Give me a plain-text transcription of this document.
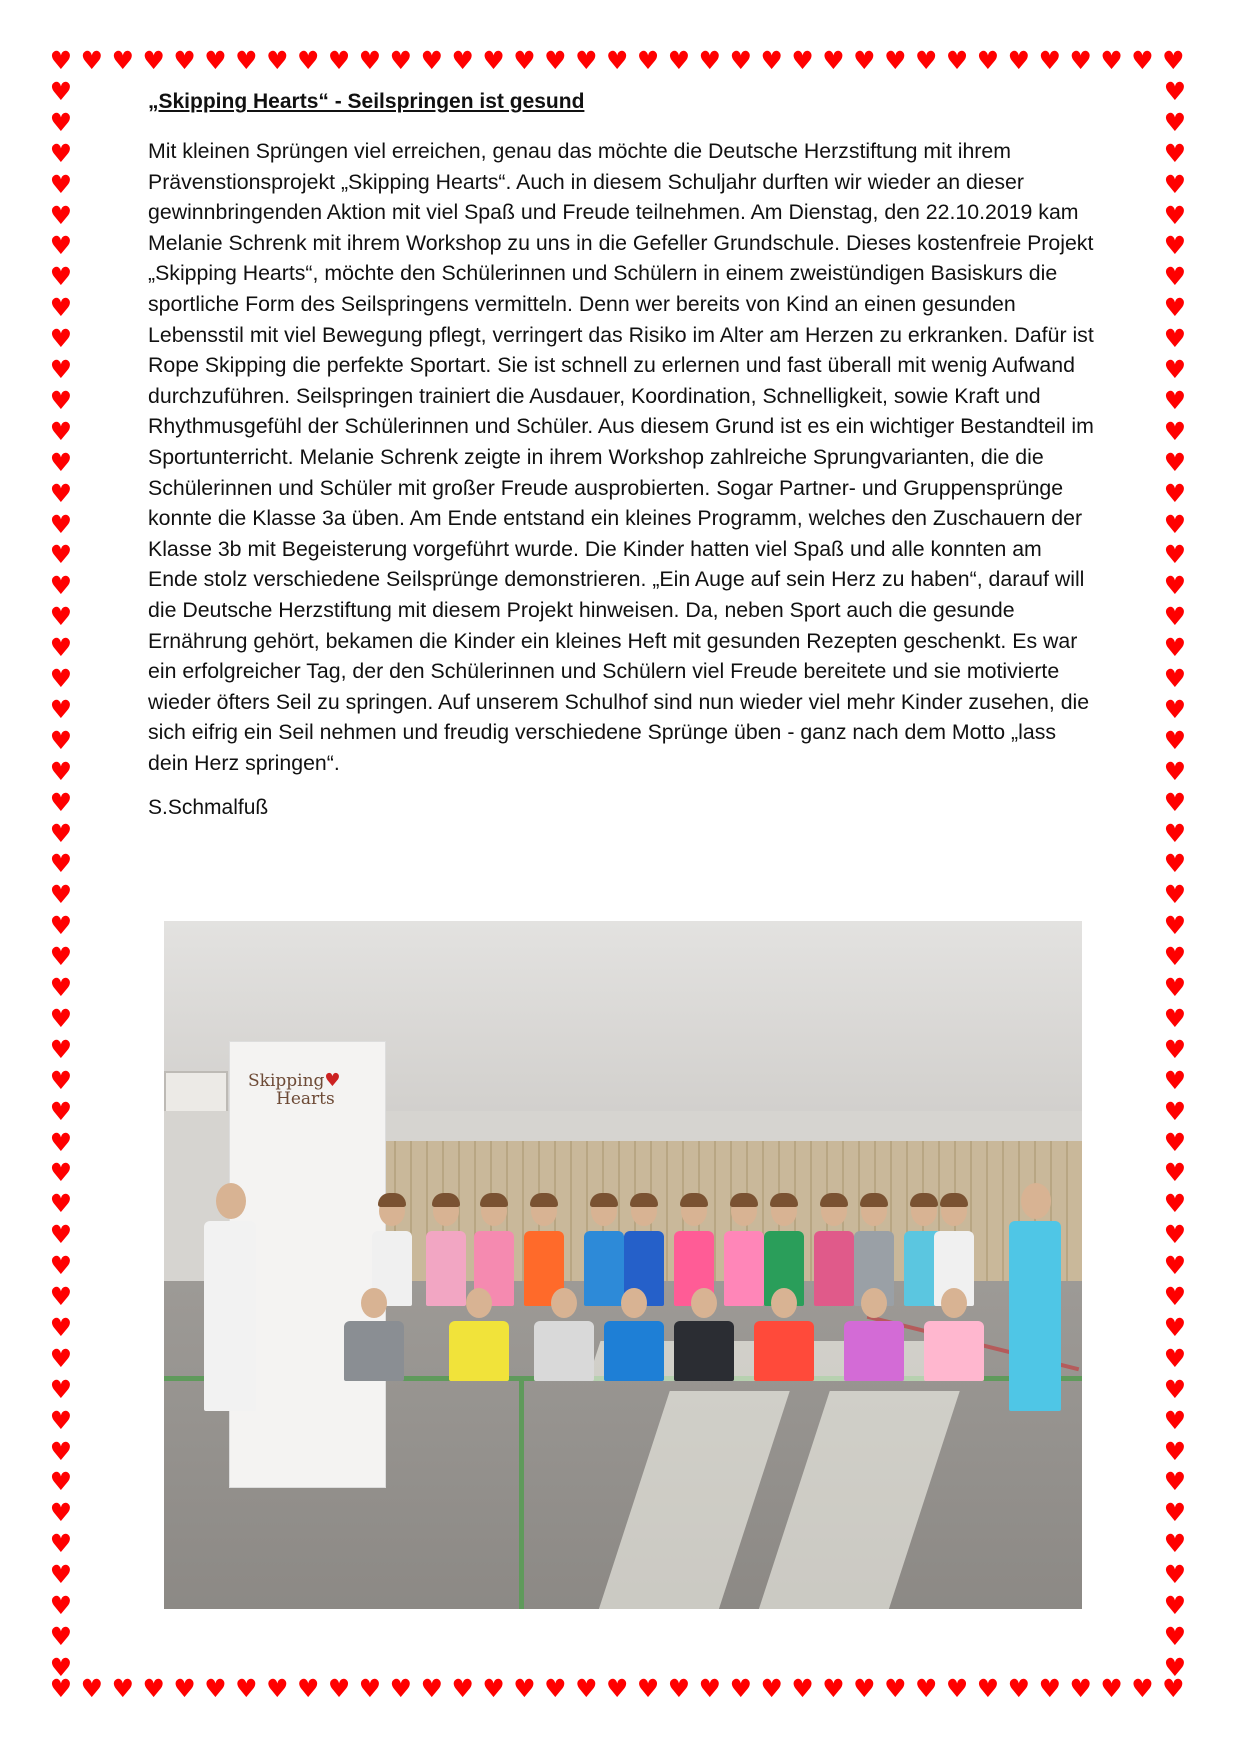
♥
♥
♥
♥
♥
♥
♥
♥
♥
♥
♥
♥
♥
♥
♥
♥
♥
♥
♥
♥
♥
♥
♥
♥
♥
♥
♥
♥
♥
♥
♥
♥
♥
♥
♥
♥
♥
♥
♥
♥
♥
♥
♥
♥
♥
♥
♥
♥
♥
♥
♥
♥
♥
♥
♥
♥
♥
♥
♥
♥
♥
♥
♥
♥
♥
♥
♥
♥
♥
♥
♥
♥
♥
♥
♥	♥
♥	♥
♥	♥
♥	♥
♥	♥
♥	♥
♥	♥
♥	♥
♥	♥
♥	♥
♥	♥
♥	♥
♥	♥
♥	♥
♥	♥
♥	♥
♥	♥
♥	♥
♥	♥
♥	♥
♥	♥
♥	♥
♥	♥
♥	♥
♥	♥
♥	♥
♥	♥
♥	♥
♥	♥
♥	♥
♥	♥
♥	♥
♥	♥
♥	♥
♥	♥
♥	♥
♥	♥
♥	♥
♥	♥
♥	♥
♥	♥
♥	♥
♥	♥
♥	♥
♥	♥
♥	♥
♥	♥
♥	♥
♥	♥
♥	♥
♥	♥
♥	♥

„Skipping Hearts“ - Seilspringen ist gesund

Mit kleinen Sprüngen viel erreichen, genau das möchte die Deutsche Herzstiftung mit ihrem Prävenstionsprojekt „Skipping Hearts“. Auch in diesem Schuljahr durften wir wieder an dieser gewinnbringenden Aktion mit viel Spaß und Freude teilnehmen. Am Dienstag, den 22.10.2019 kam Melanie Schrenk mit ihrem Workshop zu uns in die Gefeller Grundschule. Dieses kostenfreie Projekt „Skipping Hearts“, möchte den Schülerinnen und Schülern in einem zweistündigen Basiskurs die sportliche Form des Seilspringens vermitteln. Denn wer bereits von Kind an einen gesunden Lebensstil mit viel Bewegung pflegt, verringert das Risiko im Alter am Herzen zu erkranken. Dafür ist Rope Skipping die perfekte Sportart. Sie ist schnell zu erlernen und fast überall mit wenig Aufwand durchzuführen. Seilspringen trainiert die Ausdauer, Koordination, Schnelligkeit, sowie Kraft und Rhythmusgefühl der Schülerinnen und Schüler. Aus diesem Grund ist es ein wichtiger Bestandteil im Sportunterricht. Melanie Schrenk zeigte in ihrem Workshop zahlreiche Sprungvarianten, die die Schülerinnen und Schüler mit großer Freude ausprobierten. Sogar Partner- und Gruppensprünge konnte die Klasse 3a üben. Am Ende entstand ein kleines Programm, welches den Zuschauern der Klasse 3b mit Begeisterung vorgeführt wurde. Die Kinder hatten viel Spaß und alle konnten am Ende stolz verschiedene Seilsprünge demonstrieren. „Ein Auge auf sein Herz zu haben“, darauf will die Deutsche Herzstiftung mit diesem Projekt hinweisen. Da, neben Sport auch die gesunde Ernährung gehört, bekamen die Kinder ein kleines Heft mit gesunden Rezepten geschenkt. Es war ein erfolgreicher Tag, der den Schülerinnen und Schülern viel Freude bereitete und sie motivierte wieder öfters Seil zu springen. Auf unserem Schulhof sind nun wieder viel mehr Kinder zusehen, die sich eifrig ein Seil nehmen und freudig verschiedene Sprünge üben - ganz nach dem Motto „lass dein Herz springen“.

S.Schmalfuß

Skipping♥
Hearts
